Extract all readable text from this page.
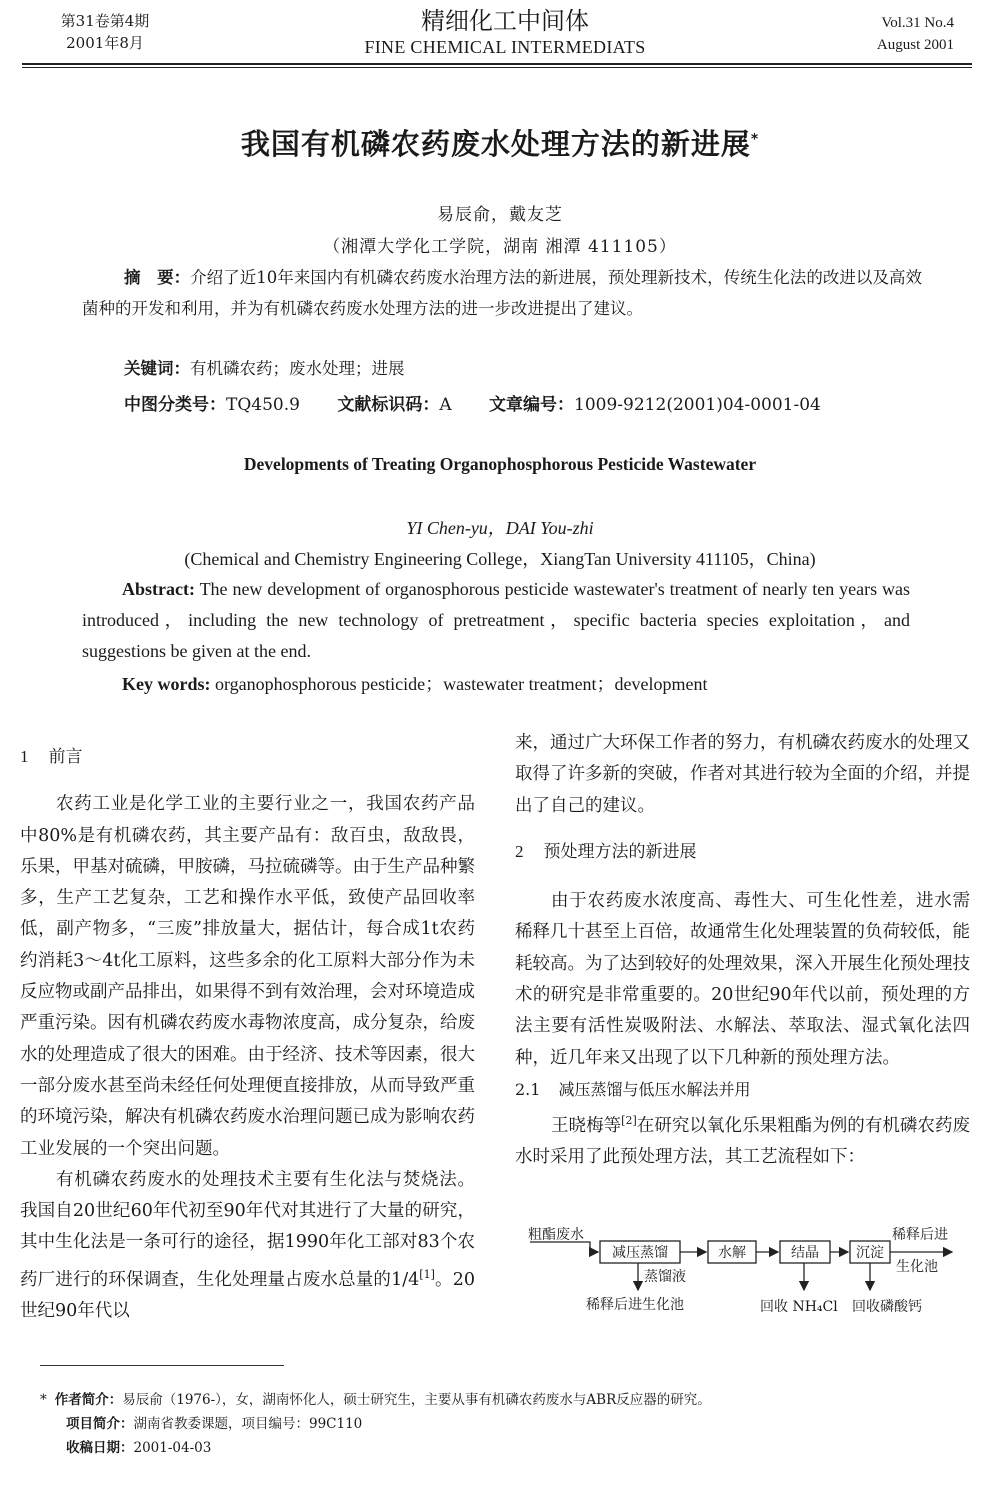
第31卷第4期
2001年8月
精细化工中间体
FINE CHEMICAL INTERMEDIATS
Vol.31 No.4
August 2001
我国有机磷农药废水处理方法的新进展*
易辰俞，戴友芝
（湘潭大学化工学院，湖南 湘潭 411105）
摘　要：介绍了近10年来国内有机磷农药废水治理方法的新进展，预处理新技术，传统生化法的改进以及高效菌种的开发和利用，并为有机磷农药废水处理方法的进一步改进提出了建议。
关键词：有机磷农药；废水处理；进展
中图分类号：TQ450.9 文献标识码：A 文章编号：1009-9212(2001)04-0001-04
Developments of Treating Organophosphorous Pesticide Wastewater
YI Chen-yu，DAI You-zhi
(Chemical and Chemistry Engineering College，XiangTan University 411105，China)
Abstract: The new development of organosphorous pesticide wastewater's treatment of nearly ten years was introduced，including the new technology of pretreatment，specific bacteria species exploitation，and suggestions be given at the end.
Key words: organophosphorous pesticide；wastewater treatment；development
1 前言

农药工业是化学工业的主要行业之一，我国农药产品中80%是有机磷农药，其主要产品有：敌百虫，敌敌畏，乐果，甲基对硫磷，甲胺磷，马拉硫磷等。由于生产品种繁多，生产工艺复杂，工艺和操作水平低，致使产品回收率低，副产物多，“三废”排放量大，据估计，每合成1t农药约消耗3～4t化工原料，这些多余的化工原料大部分作为未反应物或副产品排出，如果得不到有效治理，会对环境造成严重污染。因有机磷农药废水毒物浓度高，成分复杂，给废水的处理造成了很大的困难。由于经济、技术等因素，很大一部分废水甚至尚未经任何处理便直接排放，从而导致严重的环境污染，解决有机磷农药废水治理问题已成为影响农药工业发展的一个突出问题。

有机磷农药废水的处理技术主要有生化法与焚烧法。我国自20世纪60年代初至90年代对其进行了大量的研究，其中生化法是一条可行的途径，据1990年化工部对83个农药厂进行的环保调查，生化处理量占废水总量的1/4[1]。20世纪90年代以

来，通过广大环保工作者的努力，有机磷农药废水的处理又取得了许多新的突破，作者对其进行较为全面的介绍，并提出了自己的建议。

2 预处理方法的新进展

由于农药废水浓度高、毒性大、可生化性差，进水需稀释几十甚至上百倍，故通常生化处理装置的负荷较低，能耗较高。为了达到较好的处理效果，深入开展生化预处理技术的研究是非常重要的。20世纪90年代以前，预处理的方法主要有活性炭吸附法、水解法、萃取法、湿式氧化法四种，近几年来又出现了以下几种新的预处理方法。

2.1 减压蒸馏与低压水解法并用

王晓梅等[2]在研究以氧化乐果粗酯为例的有机磷农药废水时采用了此预处理方法，其工艺流程如下：

粗酯废水
减压蒸馏	水解	结晶	沉淀
稀释后进
生化池
蒸馏液
稀释后进生化池	回收 NH₄Cl 回收磷酸钙
* 作者简介：易辰俞（1976-），女，湖南怀化人，硕士研究生，主要从事有机磷农药废水与ABR反应器的研究。
项目简介：湖南省教委课题，项目编号：99C110
收稿日期：2001-04-03
